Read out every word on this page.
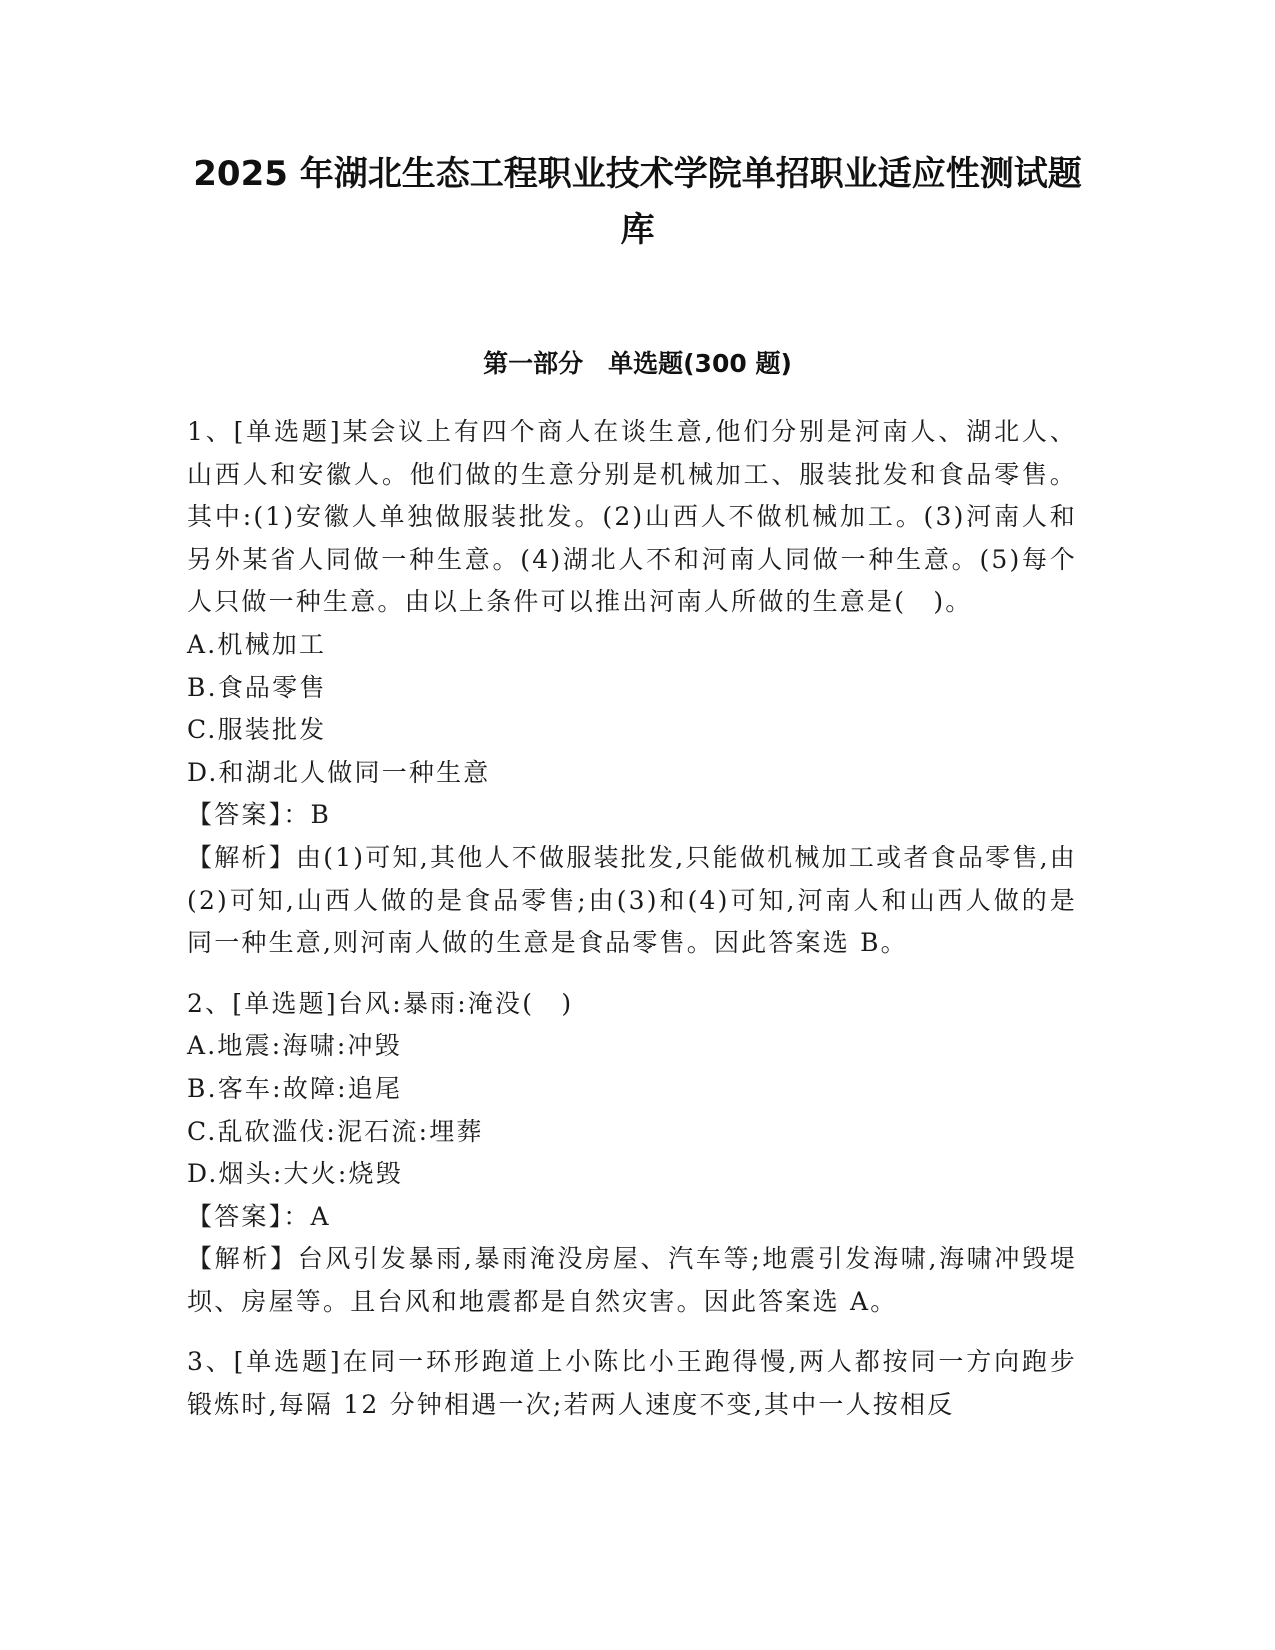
2025 年湖北生态工程职业技术学院单招职业适应性测试题库
第一部分　单选题(300 题)

1、[单选题]某会议上有四个商人在谈生意,他们分别是河南人、湖北人、山西人和安徽人。他们做的生意分别是机械加工、服装批发和食品零售。其中:(1)安徽人单独做服装批发。(2)山西人不做机械加工。(3)河南人和另外某省人同做一种生意。(4)湖北人不和河南人同做一种生意。(5)每个人只做一种生意。由以上条件可以推出河南人所做的生意是(　)。

A.机械加工

B.食品零售

C.服装批发

D.和湖北人做同一种生意

【答案】：B

【解析】由(1)可知,其他人不做服装批发,只能做机械加工或者食品零售,由(2)可知,山西人做的是食品零售;由(3)和(4)可知,河南人和山西人做的是同一种生意,则河南人做的生意是食品零售。因此答案选 B。

2、[单选题]台风:暴雨:淹没(　)

A.地震:海啸:冲毁

B.客车:故障:追尾

C.乱砍滥伐:泥石流:埋葬

D.烟头:大火:烧毁

【答案】：A

【解析】台风引发暴雨,暴雨淹没房屋、汽车等;地震引发海啸,海啸冲毁堤坝、房屋等。且台风和地震都是自然灾害。因此答案选 A。

3、[单选题]在同一环形跑道上小陈比小王跑得慢,两人都按同一方向跑步锻炼时,每隔 12 分钟相遇一次;若两人速度不变,其中一人按相反
